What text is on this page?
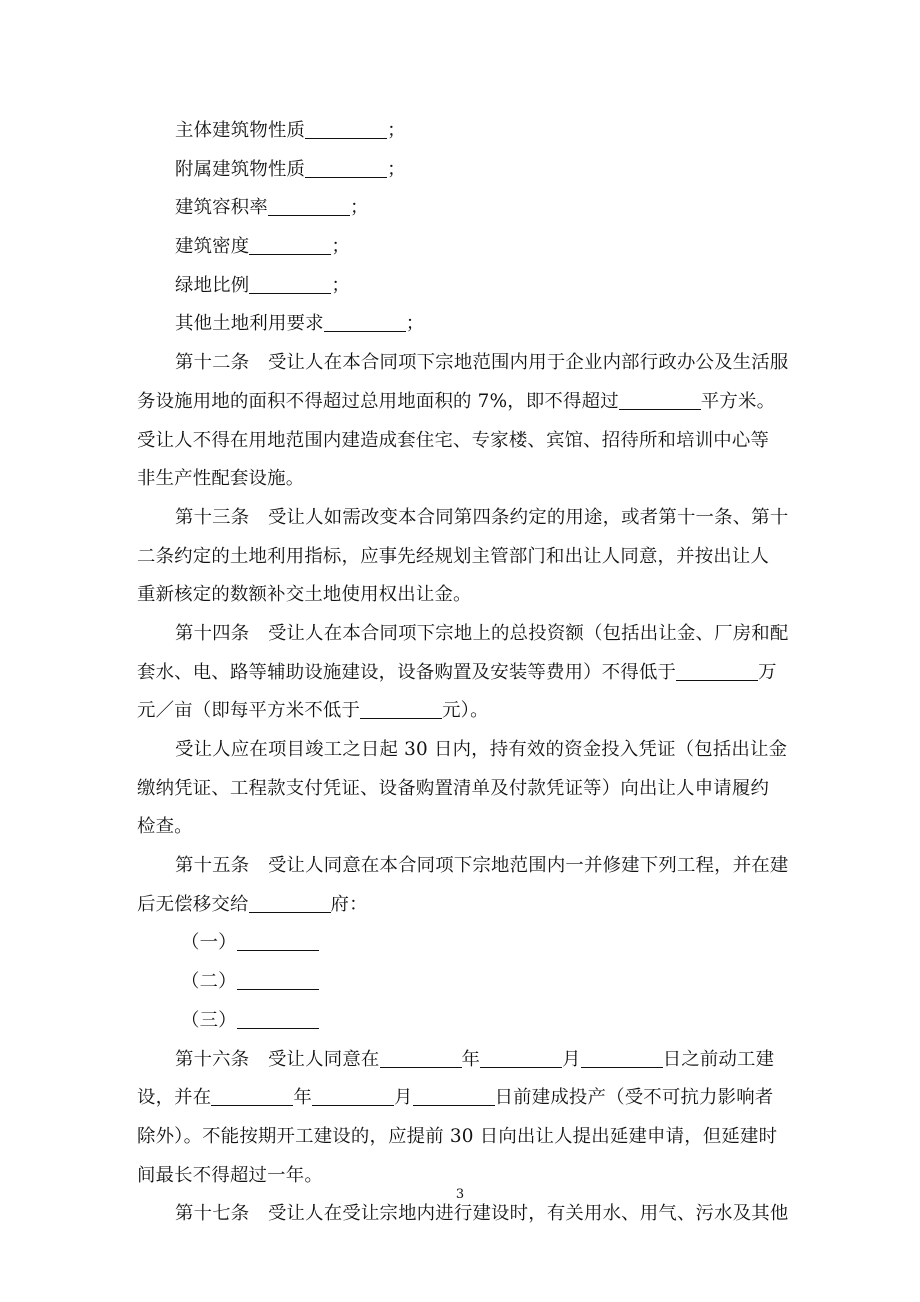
主体建筑物性质	；
附属建筑物性质	；
建筑容积率	；
建筑密度	；
绿地比例	；
其他土地利用要求	；
第十二条　受让人在本合同项下宗地范围内用于企业内部行政办公及生活服
务设施用地的面积不得超过总用地面积的 7%，即不得超过	平方米。
受让人不得在用地范围内建造成套住宅、专家楼、宾馆、招待所和培训中心等
非生产性配套设施。
第十三条　受让人如需改变本合同第四条约定的用途，或者第十一条、第十
二条约定的土地利用指标，应事先经规划主管部门和出让人同意，并按出让人
重新核定的数额补交土地使用权出让金。
第十四条　受让人在本合同项下宗地上的总投资额（包括出让金、厂房和配
套水、电、路等辅助设施建设，设备购置及安装等费用）不得低于	万
元／亩（即每平方米不低于	元）。
受让人应在项目竣工之日起 30 日内，持有效的资金投入凭证（包括出让金
缴纳凭证、工程款支付凭证、设备购置清单及付款凭证等）向出让人申请履约
检查。
第十五条　受让人同意在本合同项下宗地范围内一并修建下列工程，并在建
后无偿移交给	府：
（一）
（二）
（三）
第十六条　受让人同意在	年	月	日之前动工建
设，并在	年	月	日前建成投产（受不可抗力影响者
除外）。不能按期开工建设的，应提前 30 日向出让人提出延建申请，但延建时
间最长不得超过一年。
第十七条　受让人在受让宗地内进行建设时，有关用水、用气、污水及其他
3
